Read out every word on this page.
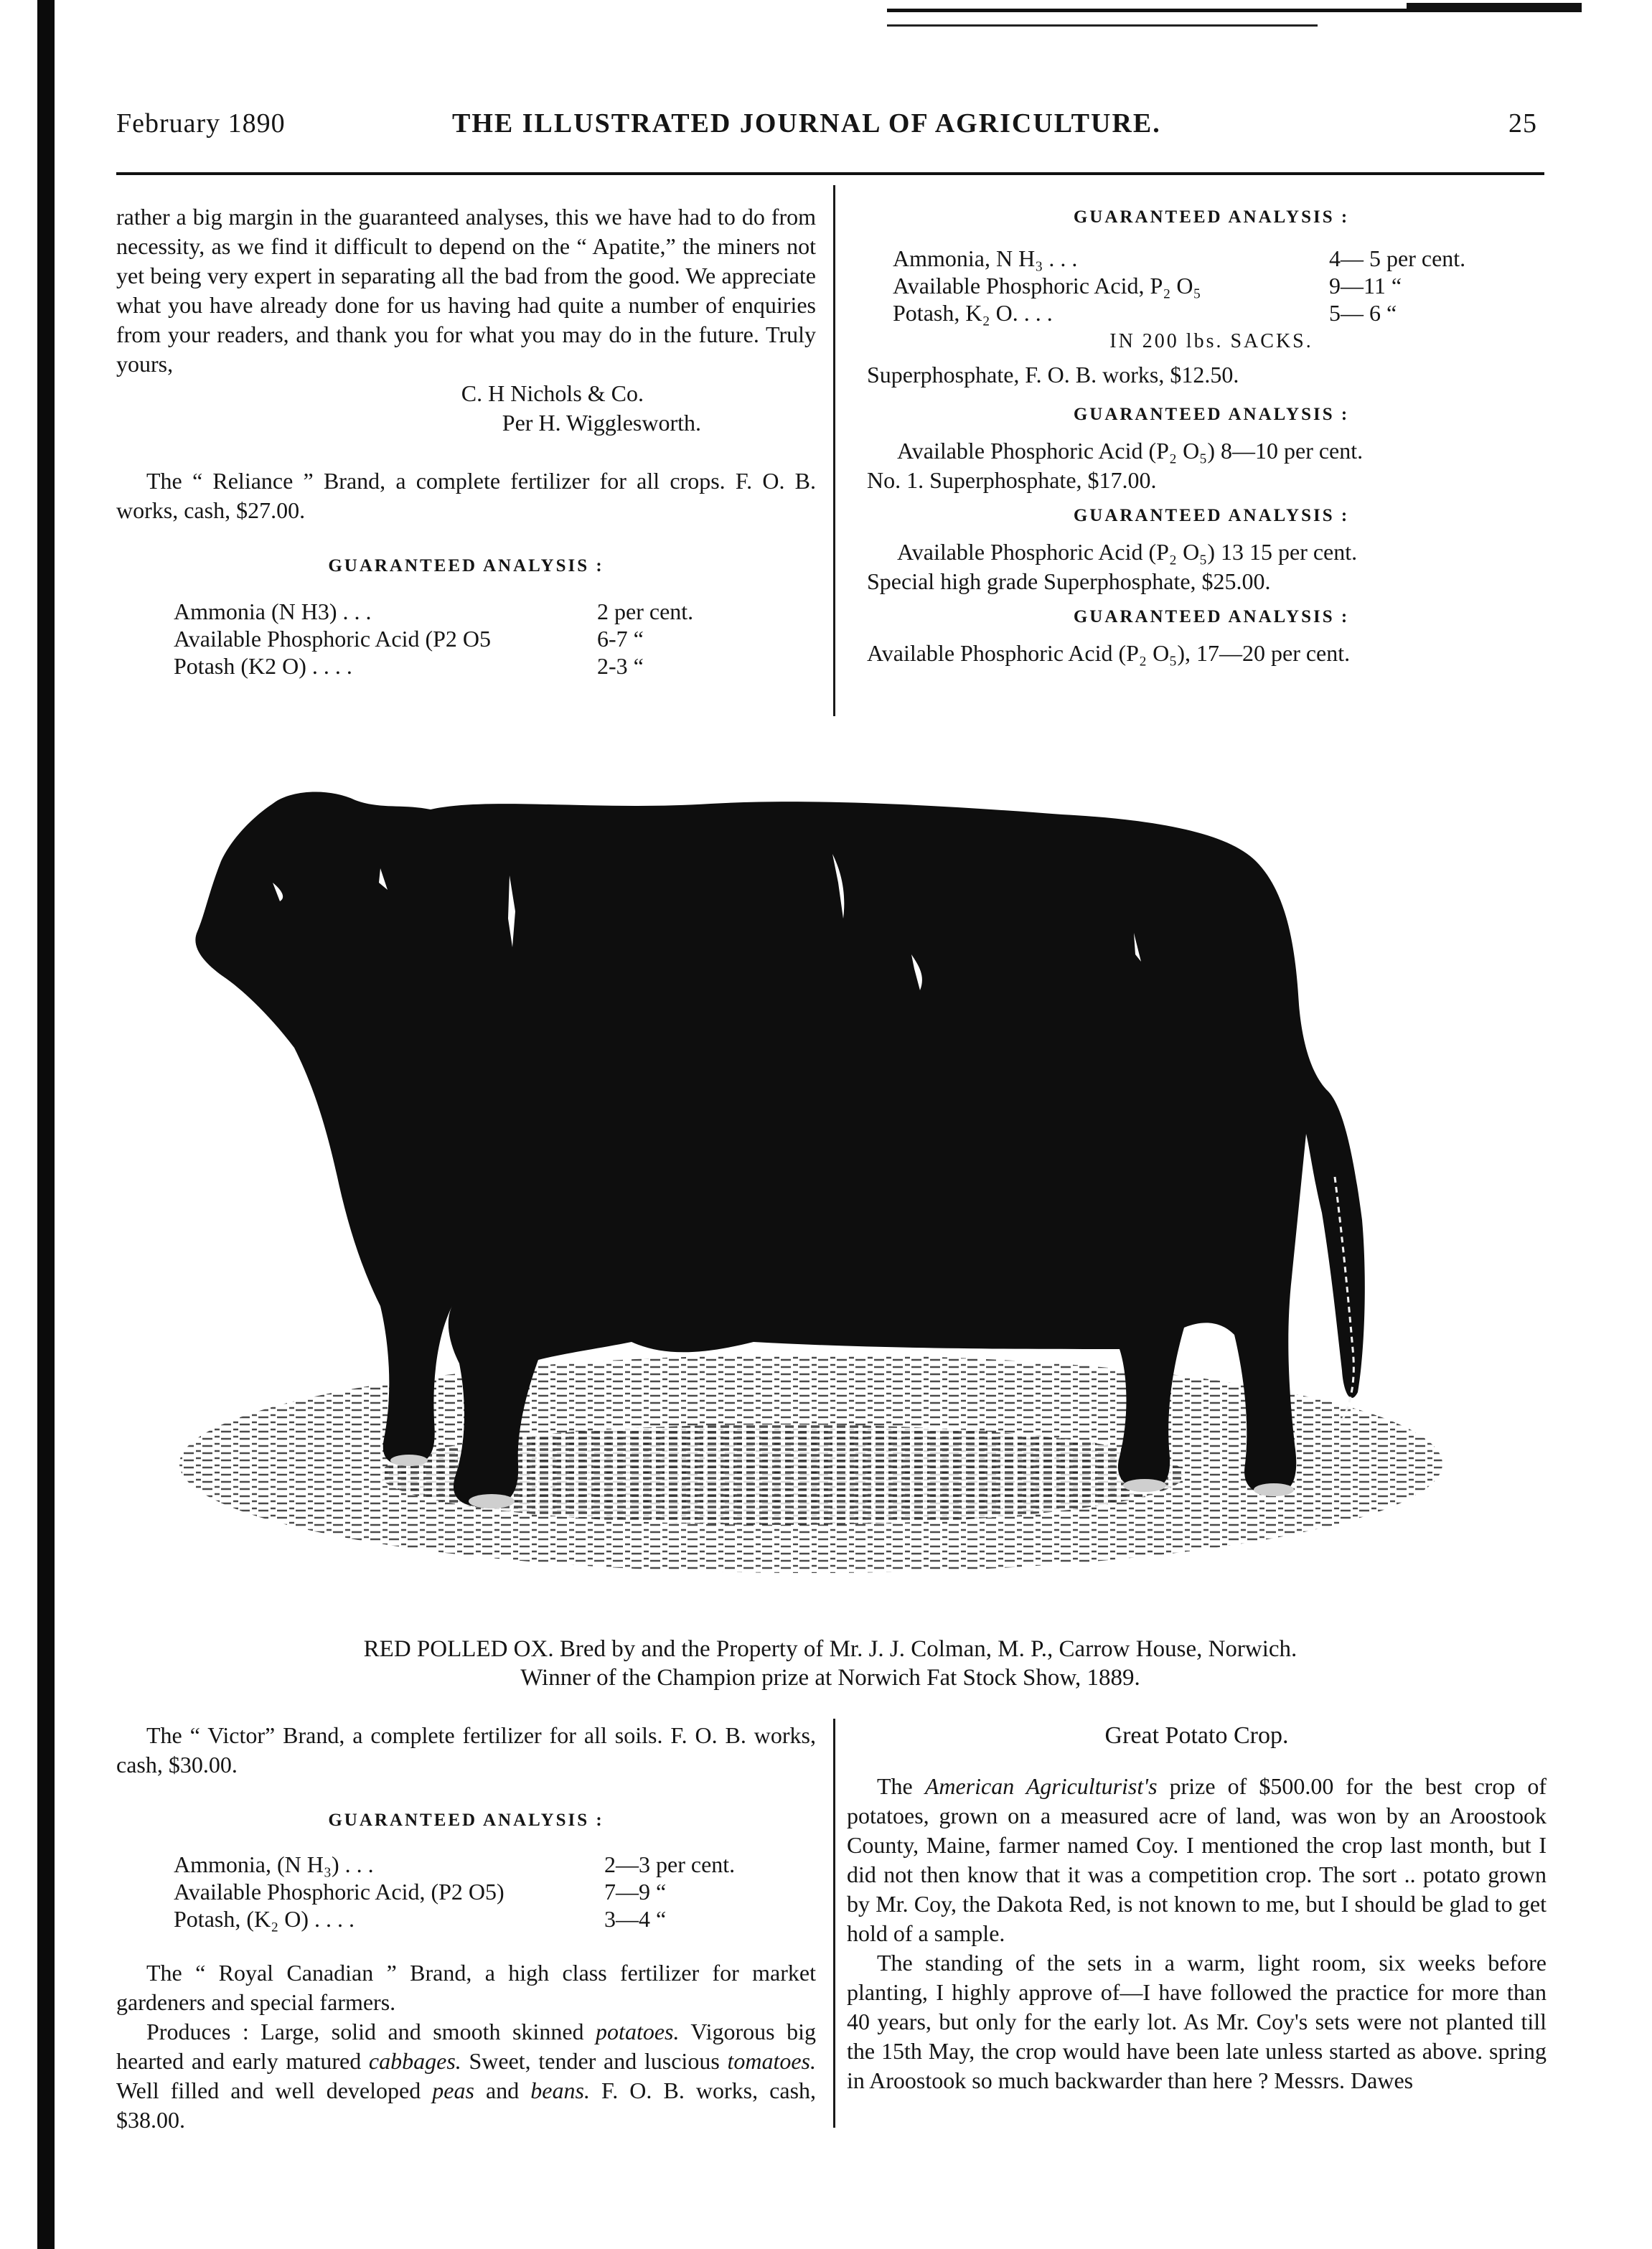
February 1890	THE ILLUSTRATED JOURNAL OF AGRICULTURE.	25

rather a big margin in the guaranteed analyses, this we have had to do from necessity, as we find it difficult to depend on the “ Apatite,” the miners not yet being very expert in separating all the bad from the good. We appreciate what you have already done for us having had quite a number of enquiries from your readers, and thank you for what you may do in the future. Truly yours,

C. H Nichols & Co.

Per H. Wigglesworth.

The “ Reliance ” Brand, a complete fertilizer for all crops. F. O. B. works, cash, $27.00.

GUARANTEED ANALYSIS :

Ammonia (N H3) . . .	2 per cent.
Available Phosphoric Acid (P2 O5	6-7 “
Potash (K2 O) . . . .	2-3 “

GUARANTEED ANALYSIS :

Ammonia, N H₃ . . .	4— 5 per cent.
Available Phosphoric Acid, P₂ O₅	9—11 “
Potash, K₂ O. . . .	5— 6 “

IN 200 lbs. SACKS.

Superphosphate, F. O. B. works, $12.50.

GUARANTEED ANALYSIS :

Available Phosphoric Acid (P₂ O₅) 8—10 per cent.

No. 1. Superphosphate, $17.00.

GUARANTEED ANALYSIS :

Available Phosphoric Acid (P₂ O₅) 13 15 per cent.

Special high grade Superphosphate, $25.00.

GUARANTEED ANALYSIS :

Available Phosphoric Acid (P₂ O₅), 17—20 per cent.

RED POLLED OX. Bred by and the Property of Mr. J. J. Colman, M. P., Carrow House, Norwich.
Winner of the Champion prize at Norwich Fat Stock Show, 1889.

The “ Victor” Brand, a complete fertilizer for all soils. F. O. B. works, cash, $30.00.

GUARANTEED ANALYSIS :

Ammonia, (N H₃) . . .	2—3 per cent.
Available Phosphoric Acid, (P2 O5)	7—9 “
Potash, (K₂ O) . . . .	3—4 “

The “ Royal Canadian ” Brand, a high class fertilizer for market gardeners and special farmers.

Produces : Large, solid and smooth skinned potatoes. Vigorous big hearted and early matured cabbages. Sweet, tender and luscious tomatoes. Well filled and well developed peas and beans. F. O. B. works, cash, $38.00.

Great Potato Crop.

The American Agriculturist's prize of $500.00 for the best crop of potatoes, grown on a measured acre of land, was won by an Aroostook County, Maine, farmer named Coy. I mentioned the crop last month, but I did not then know that it was a competition crop. The sort .. potato grown by Mr. Coy, the Dakota Red, is not known to me, but I should be glad to get hold of a sample.

The standing of the sets in a warm, light room, six weeks before planting, I highly approve of—I have followed the practice for more than 40 years, but only for the early lot. As Mr. Coy's sets were not planted till the 15th May, the crop would have been late unless started as above. spring in Aroostook so much backwarder than here ? Messrs. Dawes
